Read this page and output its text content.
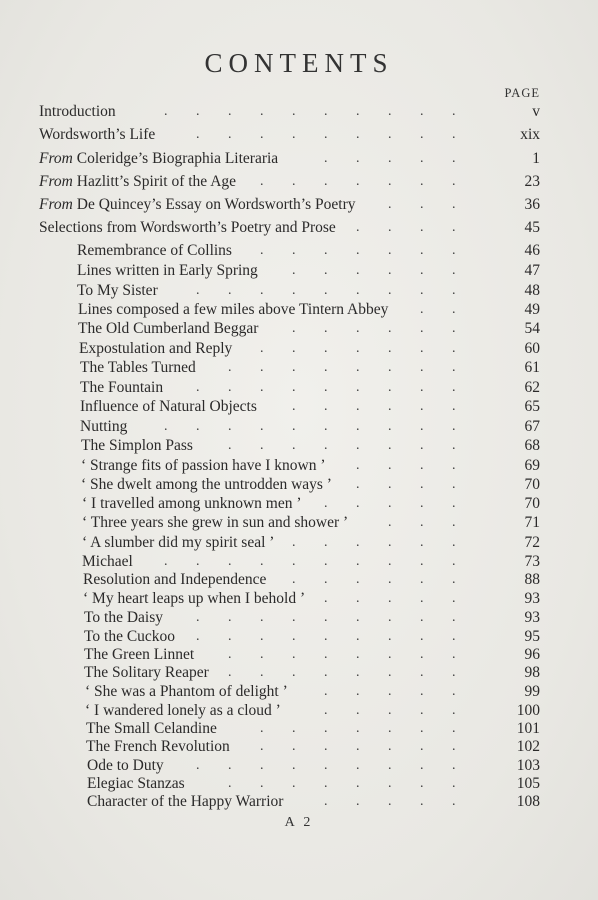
CONTENTS
PAGE
Introduction	v
..........
Wordsworth’s Life	xix
.........
From Coleridge’s Biographia Literaria	1
.....
From Hazlitt’s Spirit of the Age	23
.......
From De Quincey’s Essay on Wordsworth’s Poetry	36
...
Selections from Wordsworth’s Poetry and Prose	45
....
Remembrance of Collins	46
.......
Lines written in Early Spring	47
......
To My Sister	48
.........
Lines composed a few miles above Tintern Abbey	49
..
The Old Cumberland Beggar	54
......
Expostulation and Reply	60
.......
The Tables Turned	61
........
The Fountain	62
.........
Influence of Natural Objects	65
......
Nutting	67
..........
The Simplon Pass	68
........
‘ Strange fits of passion have I known ’	69
....
‘ She dwelt among the untrodden ways ’	70
....
‘ I travelled among unknown men ’	70
.....
‘ Three years she grew in sun and shower ’	71
...
‘ A slumber did my spirit seal ’	72
......
Michael	73
..........
Resolution and Independence	88
......
‘ My heart leaps up when I behold ’	93
.....
To the Daisy	93
.........
To the Cuckoo	95
.........
The Green Linnet	96
........
The Solitary Reaper	98
........
‘ She was a Phantom of delight ’	99
.....
‘ I wandered lonely as a cloud ’	100
.....
The Small Celandine	101
.......
The French Revolution	102
.......
Ode to Duty	103
.........
Elegiac Stanzas	105
........
Character of the Happy Warrior	108
.....
A 2
